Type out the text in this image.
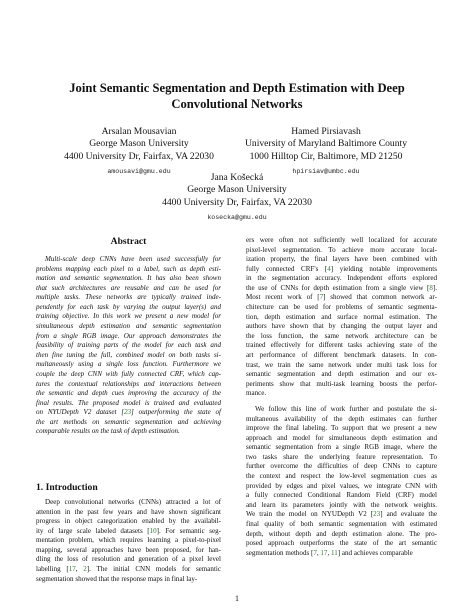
Joint Semantic Segmentation and Depth Estimation with Deep Convolutional Networks
Arsalan Mousavian
George Mason University
4400 University Dr, Fairfax, VA 22030
amousavi@gmu.edu
Hamed Pirsiavash
University of Maryland Baltimore County
1000 Hilltop Cir, Baltimore, MD 21250
hpirsiav@umbc.edu
Jana Košecká
George Mason University
4400 University Dr, Fairfax, VA 22030
kosecka@gmu.edu
Abstract
Multi-scale deep CNNs have been used successfully for
problems mapping each pixel to a label, such as depth esti-
mation and semantic segmentation. It has also been shown
that such architectures are reusable and can be used for
multiple tasks. These networks are typically trained inde-
pendently for each task by varying the output layer(s) and
training objective. In this work we present a new model for
simultaneous depth estimation and semantic segmentation
from a single RGB image. Our approach demonstrates the
feasibility of training parts of the model for each task and
then fine tuning the full, combined model on both tasks si-
multaneously using a single loss function. Furthermore we
couple the deep CNN with fully connected CRF, which cap-
tures the contextual relationships and interactions between
the semantic and depth cues improving the accuracy of the
final results. The proposed model is trained and evaluated
on NYUDepth V2 dataset [23] outperforming the state of
the art methods on semantic segmentation and achieving
comparable results on the task of depth estimation.
1. Introduction
Deep convolutional networks (CNNs) attracted a lot of
attention in the past few years and have shown significant
progress in object categorization enabled by the availabil-
ity of large scale labeled datasets [10]. For semantic seg-
mentation problem, which requires learning a pixel-to-pixel
mapping, several approaches have been proposed, for han-
dling the loss of resolution and generation of a pixel level
labelling [17, 2]. The initial CNN models for semantic
segmentation showed that the response maps in final lay-
ers were often not sufficiently well localized for accurate
pixel-level segmentation. To achieve more accurate local-
ization property, the final layers have been combined with
fully connected CRF's [4] yielding notable improvements
in the segmentation accuracy. Independent efforts explored
the use of CNNs for depth estimation from a single view [8].
Most recent work of [7] showed that common network ar-
chitecture can be used for problems of semantic segmenta-
tion, depth estimation and surface normal estimation. The
authors have shown that by changing the output layer and
the loss function, the same network architecture can be
trained effectively for different tasks achieving state of the
art performance of different benchmark datasets. In con-
trast, we train the same network under multi task loss for
semantic segmentation and depth estimation and our ex-
periments show that multi-task learning boosts the perfor-
mance.
We follow this line of work further and postulate the si-
multaneous availability of the depth estimates can further
improve the final labeling. To support that we present a new
approach and model for simultaneous depth estimation and
semantic segmentation from a single RGB image, where the
two tasks share the underlying feature representation. To
further overcome the difficulties of deep CNNs to capture
the context and respect the low-level segmentation cues as
provided by edges and pixel values, we integrate CNN with
a fully connected Conditional Random Field (CRF) model
and learn its parameters jointly with the network weights.
We train the model on NYUDepth V2 [23] and evaluate the
final quality of both semantic segmentation with estimated
depth, without depth and depth estimation alone. The pro-
posed approach outperforms the state of the art semantic
segmentation methods [7, 17, 11] and achieves comparable
1
